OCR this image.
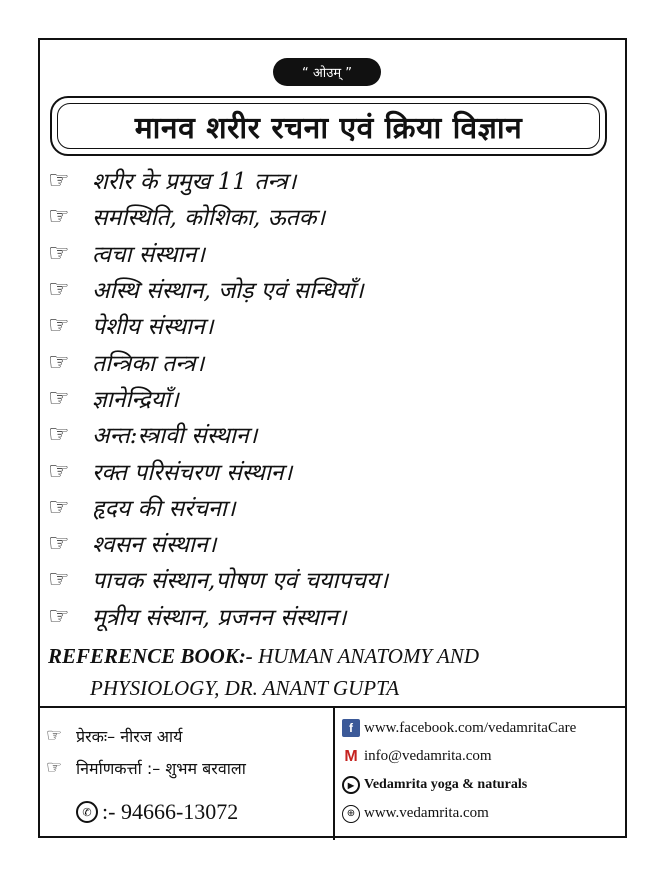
“ ओउम् ”
मानव शरीर रचना एवं क्रिया विज्ञान
☞ शरीर के प्रमुख 11 तन्त्र।
☞ समस्थिति, कोशिका, ऊतक।
☞ त्वचा संस्थान।
☞ अस्थि संस्थान, जोड़ एवं सन्धियाँ।
☞ पेशीय संस्थान।
☞ तन्त्रिका तन्त्र।
☞ ज्ञानेन्द्रियाँ।
☞ अन्त:स्त्रावी संस्थान।
☞ रक्त परिसंचरण संस्थान।
☞ हृदय की सरंचना।
☞ श्वसन संस्थान।
☞ पाचक संस्थान,पोषण एवं चयापचय।
☞ मूत्रीय संस्थान, प्रजनन संस्थान।
REFERENCE BOOK:- HUMAN ANATOMY AND
PHYSIOLOGY, DR. ANANT GUPTA
☞ प्रेरकः– नीरज आर्य
☞ निर्माणकर्त्ता :– शुभम बरवाला
✆ :- 94666-13072
f www.facebook.com/vedamritaCare
M info@vedamrita.com
▶ Vedamrita yoga & naturals
⊕ www.vedamrita.com
